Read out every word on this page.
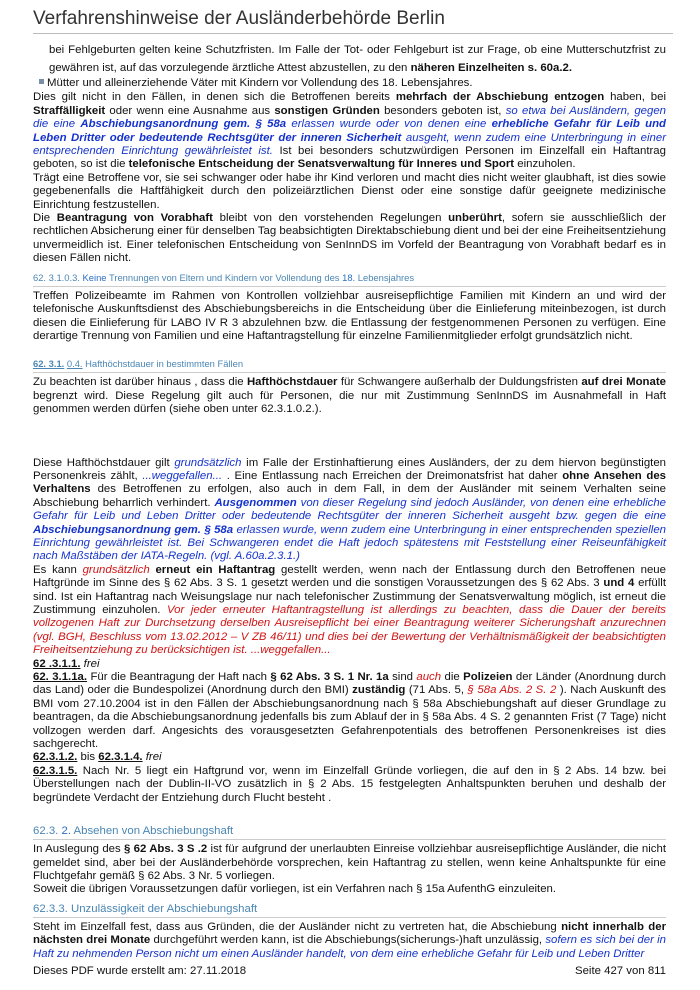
Verfahrenshinweise der Ausländerbehörde Berlin

bei Fehlgeburten gelten keine Schutzfristen. Im Falle der Tot- oder Fehlgeburt ist zur Frage, ob eine Mutterschutzfrist zu gewähren ist, auf das vorzulegende ärztliche Attest abzustellen, zu den näheren Einzelheiten s. 60a.2.

Mütter und alleinerziehende Väter mit Kindern vor Vollendung des 18. Lebensjahres.

Dies gilt nicht in den Fällen, in denen sich die Betroffenen bereits mehrfach der Abschiebung entzogen haben, bei Straffälligkeit oder wenn eine Ausnahme aus sonstigen Gründen besonders geboten ist, so etwa bei Ausländern, gegen die eine Abschiebungsanordnung gem. § 58a erlassen wurde oder von denen eine erhebliche Gefahr für Leib und Leben Dritter oder bedeutende Rechtsgüter der inneren Sicherheit ausgeht, wenn zudem eine Unterbringung in einer entsprechenden Einrichtung gewährleistet ist. Ist bei besonders schutzwürdigen Personen im Einzelfall ein Haftantrag geboten, so ist die telefonische Entscheidung der Senatsverwaltung für Inneres und Sport einzuholen.

Trägt eine Betroffene vor, sie sei schwanger oder habe ihr Kind verloren und macht dies nicht weiter glaubhaft, ist dies sowie gegebenenfalls die Haftfähigkeit durch den polizeiärztlichen Dienst oder eine sonstige dafür geeignete medizinische Einrichtung festzustellen.

Die Beantragung von Vorabhaft bleibt von den vorstehenden Regelungen unberührt, sofern sie ausschließlich der rechtlichen Absicherung einer für denselben Tag beabsichtigten Direktabschiebung dient und bei der eine Freiheitsentziehung unvermeidlich ist. Einer telefonischen Entscheidung von SenInnDS im Vorfeld der Beantragung von Vorabhaft bedarf es in diesen Fällen nicht.

62. 3.1.0.3. Keine Trennungen von Eltern und Kindern vor Vollendung des 18. Lebensjahres

Treffen Polizeibeamte im Rahmen von Kontrollen vollziehbar ausreisepflichtige Familien mit Kindern an und wird der telefonische Auskunftsdienst des Abschiebungsbereichs in die Entscheidung über die Einlieferung miteinbezogen, ist durch diesen die Einlieferung für LABO IV R 3 abzulehnen bzw. die Entlassung der festgenommenen Personen zu verfügen. Eine derartige Trennung von Familien und eine Haftantragstellung für einzelne Familienmitglieder erfolgt grundsätzlich nicht.

62. 3.1. 0.4. Hafthöchstdauer in bestimmten Fällen

Zu beachten ist darüber hinaus , dass die Hafthöchstdauer für Schwangere außerhalb der Duldungsfristen auf drei Monate begrenzt wird. Diese Regelung gilt auch für Personen, die nur mit Zustimmung SenInnDS im Ausnahmefall in Haft genommen werden dürfen (siehe oben unter 62.3.1.0.2.).

Diese Hafthöchstdauer gilt grundsätzlich im Falle der Erstinhaftierung eines Ausländers, der zu dem hiervon begünstigten Personenkreis zählt, ...weggefallen... . Eine Entlassung nach Erreichen der Dreimonatsfrist hat daher ohne Ansehen des Verhaltens des Betroffenen zu erfolgen, also auch in dem Fall, in dem der Ausländer mit seinem Verhalten seine Abschiebung beharrlich verhindert. Ausgenommen von dieser Regelung sind jedoch Ausländer, von denen eine erhebliche Gefahr für Leib und Leben Dritter oder bedeutende Rechtsgüter der inneren Sicherheit ausgeht bzw. gegen die eine Abschiebungsanordnung gem. § 58a erlassen wurde, wenn zudem eine Unterbringung in einer entsprechenden speziellen Einrichtung gewährleistet ist. Bei Schwangeren endet die Haft jedoch spätestens mit Feststellung einer Reiseunfähigkeit nach Maßstäben der IATA-Regeln. (vgl. A.60a.2.3.1.)

Es kann grundsätzlich erneut ein Haftantrag gestellt werden, wenn nach der Entlassung durch den Betroffenen neue Haftgründe im Sinne des § 62 Abs. 3 S. 1 gesetzt werden und die sonstigen Voraussetzungen des § 62 Abs. 3 und 4 erfüllt sind. Ist ein Haftantrag nach Weisungslage nur nach telefonischer Zustimmung der Senatsverwaltung möglich, ist erneut die Zustimmung einzuholen. Vor jeder erneuter Haftantragstellung ist allerdings zu beachten, dass die Dauer der bereits vollzogenen Haft zur Durchsetzung derselben Ausreisepflicht bei einer Beantragung weiterer Sicherungshaft anzurechnen (vgl. BGH, Beschluss vom 13.02.2012 – V ZB 46/11) und dies bei der Bewertung der Verhältnismäßigkeit der beabsichtigten Freiheitsentziehung zu berücksichtigen ist. ...weggefallen...

62 .3.1.1. frei

62. 3.1.1a. Für die Beantragung der Haft nach § 62 Abs. 3 S. 1 Nr. 1a sind auch die Polizeien der Länder (Anordnung durch das Land) oder die Bundespolizei (Anordnung durch den BMI) zuständig (71 Abs. 5, § 58a Abs. 2 S. 2 ). Nach Auskunft des BMI vom 27.10.2004 ist in den Fällen der Abschiebungsanordnung nach § 58a Abschiebungshaft auf dieser Grundlage zu beantragen, da die Abschiebungsanordnung jedenfalls bis zum Ablauf der in § 58a Abs. 4 S. 2 genannten Frist (7 Tage) nicht vollzogen werden darf. Angesichts des vorausgesetzten Gefahrenpotentials des betroffenen Personenkreises ist dies sachgerecht.

62.3.1.2. bis 62.3.1.4. frei

62.3.1.5. Nach Nr. 5 liegt ein Haftgrund vor, wenn im Einzelfall Gründe vorliegen, die auf den in § 2 Abs. 14 bzw. bei Überstellungen nach der Dublin-II-VO zusätzlich in § 2 Abs. 15 festgelegten Anhaltspunkten beruhen und deshalb der begründete Verdacht der Entziehung durch Flucht besteht .

62.3. 2. Absehen von Abschiebungshaft

In Auslegung des § 62 Abs. 3 S .2 ist für aufgrund der unerlaubten Einreise vollziehbar ausreisepflichtige Ausländer, die nicht gemeldet sind, aber bei der Ausländerbehörde vorsprechen, kein Haftantrag zu stellen, wenn keine Anhaltspunkte für eine Fluchtgefahr gemäß § 62 Abs. 3 Nr. 5 vorliegen.

Soweit die übrigen Voraussetzungen dafür vorliegen, ist ein Verfahren nach § 15a AufenthG einzuleiten.

62.3.3. Unzulässigkeit der Abschiebungshaft

Steht im Einzelfall fest, dass aus Gründen, die der Ausländer nicht zu vertreten hat, die Abschiebung nicht innerhalb der nächsten drei Monate durchgeführt werden kann, ist die Abschiebungs(sicherungs-)haft unzulässig, sofern es sich bei der in Haft zu nehmenden Person nicht um einen Ausländer handelt, von dem eine erhebliche Gefahr für Leib und Leben Dritter

Dieses PDF wurde erstellt am: 27.11.2018	Seite 427 von 811
